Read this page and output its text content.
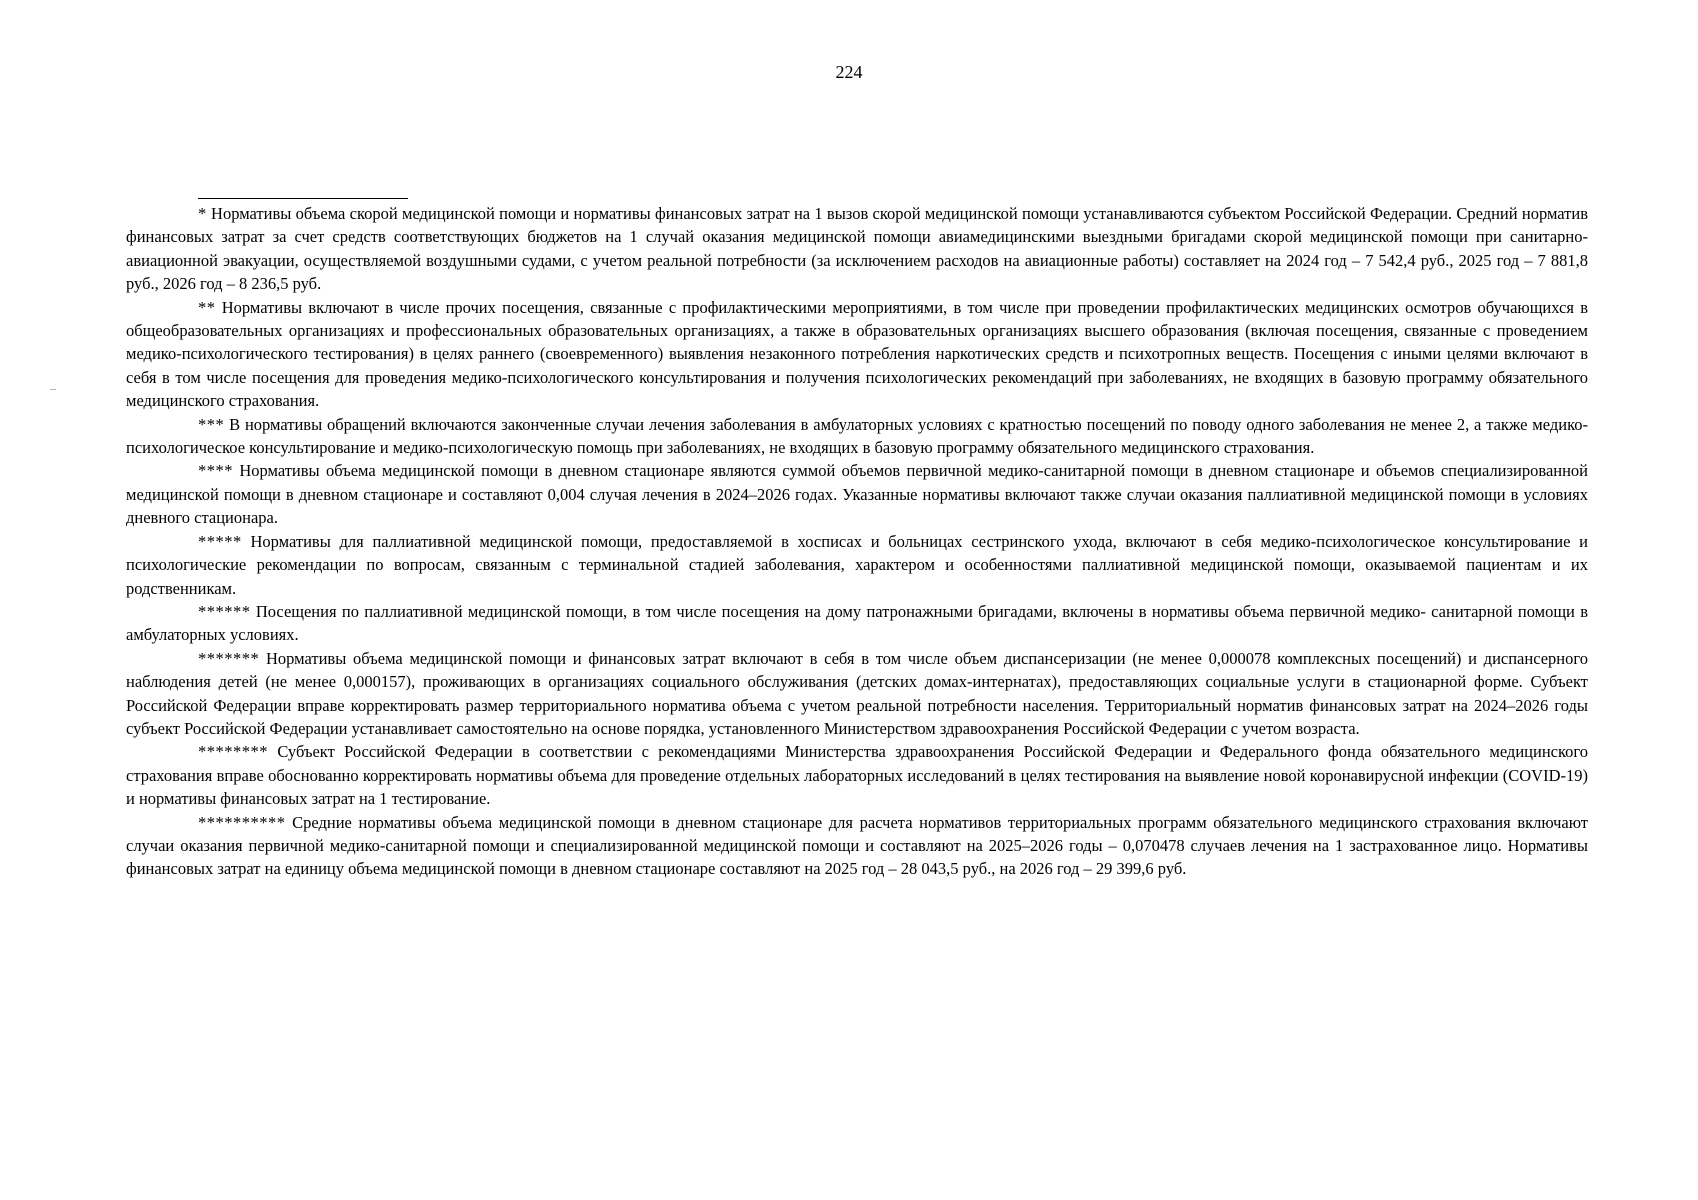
224

* Нормативы объема скорой медицинской помощи и нормативы финансовых затрат на 1 вызов скорой медицинской помощи устанавливаются субъектом Российской Федерации. Средний норматив финансовых затрат за счет средств соответствующих бюджетов на 1 случай оказания медицинской помощи авиамедицинскими выездными бригадами скорой медицинской помощи при санитарно-авиационной эвакуации, осуществляемой воздушными судами, с учетом реальной потребности (за исключением расходов на авиационные работы) составляет на 2024 год – 7 542,4 руб., 2025 год – 7 881,8 руб., 2026 год – 8 236,5 руб.

** Нормативы включают в числе прочих посещения, связанные с профилактическими мероприятиями, в том числе при проведении профилактических медицинских осмотров обучающихся в общеобразовательных организациях и профессиональных образовательных организациях, а также в образовательных организациях высшего образования (включая посещения, связанные с проведением медико-психологического тестирования) в целях раннего (своевременного) выявления незаконного потребления наркотических средств и психотропных веществ. Посещения с иными целями включают в себя в том числе посещения для проведения медико-психологического консультирования и получения психологических рекомендаций при заболеваниях, не входящих в базовую программу обязательного медицинского страхования.

*** В нормативы обращений включаются законченные случаи лечения заболевания в амбулаторных условиях с кратностью посещений по поводу одного заболевания не менее 2, а также медико-психологическое консультирование и медико-психологическую помощь при заболеваниях, не входящих в базовую программу обязательного медицинского страхования.

**** Нормативы объема медицинской помощи в дневном стационаре являются суммой объемов первичной медико-санитарной помощи в дневном стационаре и объемов специализированной медицинской помощи в дневном стационаре и составляют 0,004 случая лечения в 2024–2026 годах. Указанные нормативы включают также случаи оказания паллиативной медицинской помощи в условиях дневного стационара.

***** Нормативы для паллиативной медицинской помощи, предоставляемой в хосписах и больницах сестринского ухода, включают в себя медико-психологическое консультирование и психологические рекомендации по вопросам, связанным с терминальной стадией заболевания, характером и особенностями паллиативной медицинской помощи, оказываемой пациентам и их родственникам.

****** Посещения по паллиативной медицинской помощи, в том числе посещения на дому патронажными бригадами, включены в нормативы объема первичной медико- санитарной помощи в амбулаторных условиях.

******* Нормативы объема медицинской помощи и финансовых затрат включают в себя в том числе объем диспансеризации (не менее 0,000078 комплексных посещений) и диспансерного наблюдения детей (не менее 0,000157), проживающих в организациях социального обслуживания (детских домах-интернатах), предоставляющих социальные услуги в стационарной форме. Субъект Российской Федерации вправе корректировать размер территориального норматива объема с учетом реальной потребности населения. Территориальный норматив финансовых затрат на 2024–2026 годы субъект Российской Федерации устанавливает самостоятельно на основе порядка, установленного Министерством здравоохранения Российской Федерации с учетом возраста.

******** Субъект Российской Федерации в соответствии с рекомендациями Министерства здравоохранения Российской Федерации и Федерального фонда обязательного медицинского страхования вправе обоснованно корректировать нормативы объема для проведение отдельных лабораторных исследований в целях тестирования на выявление новой коронавирусной инфекции (COVID-19) и нормативы финансовых затрат на 1 тестирование.

********** Средние нормативы объема медицинской помощи в дневном стационаре для расчета нормативов территориальных программ обязательного медицинского страхования включают случаи оказания первичной медико-санитарной помощи и специализированной медицинской помощи и составляют на 2025–2026 годы – 0,070478 случаев лечения на 1 застрахованное лицо. Нормативы финансовых затрат на единицу объема медицинской помощи в дневном стационаре составляют на 2025 год – 28 043,5 руб., на 2026 год – 29 399,6 руб.
